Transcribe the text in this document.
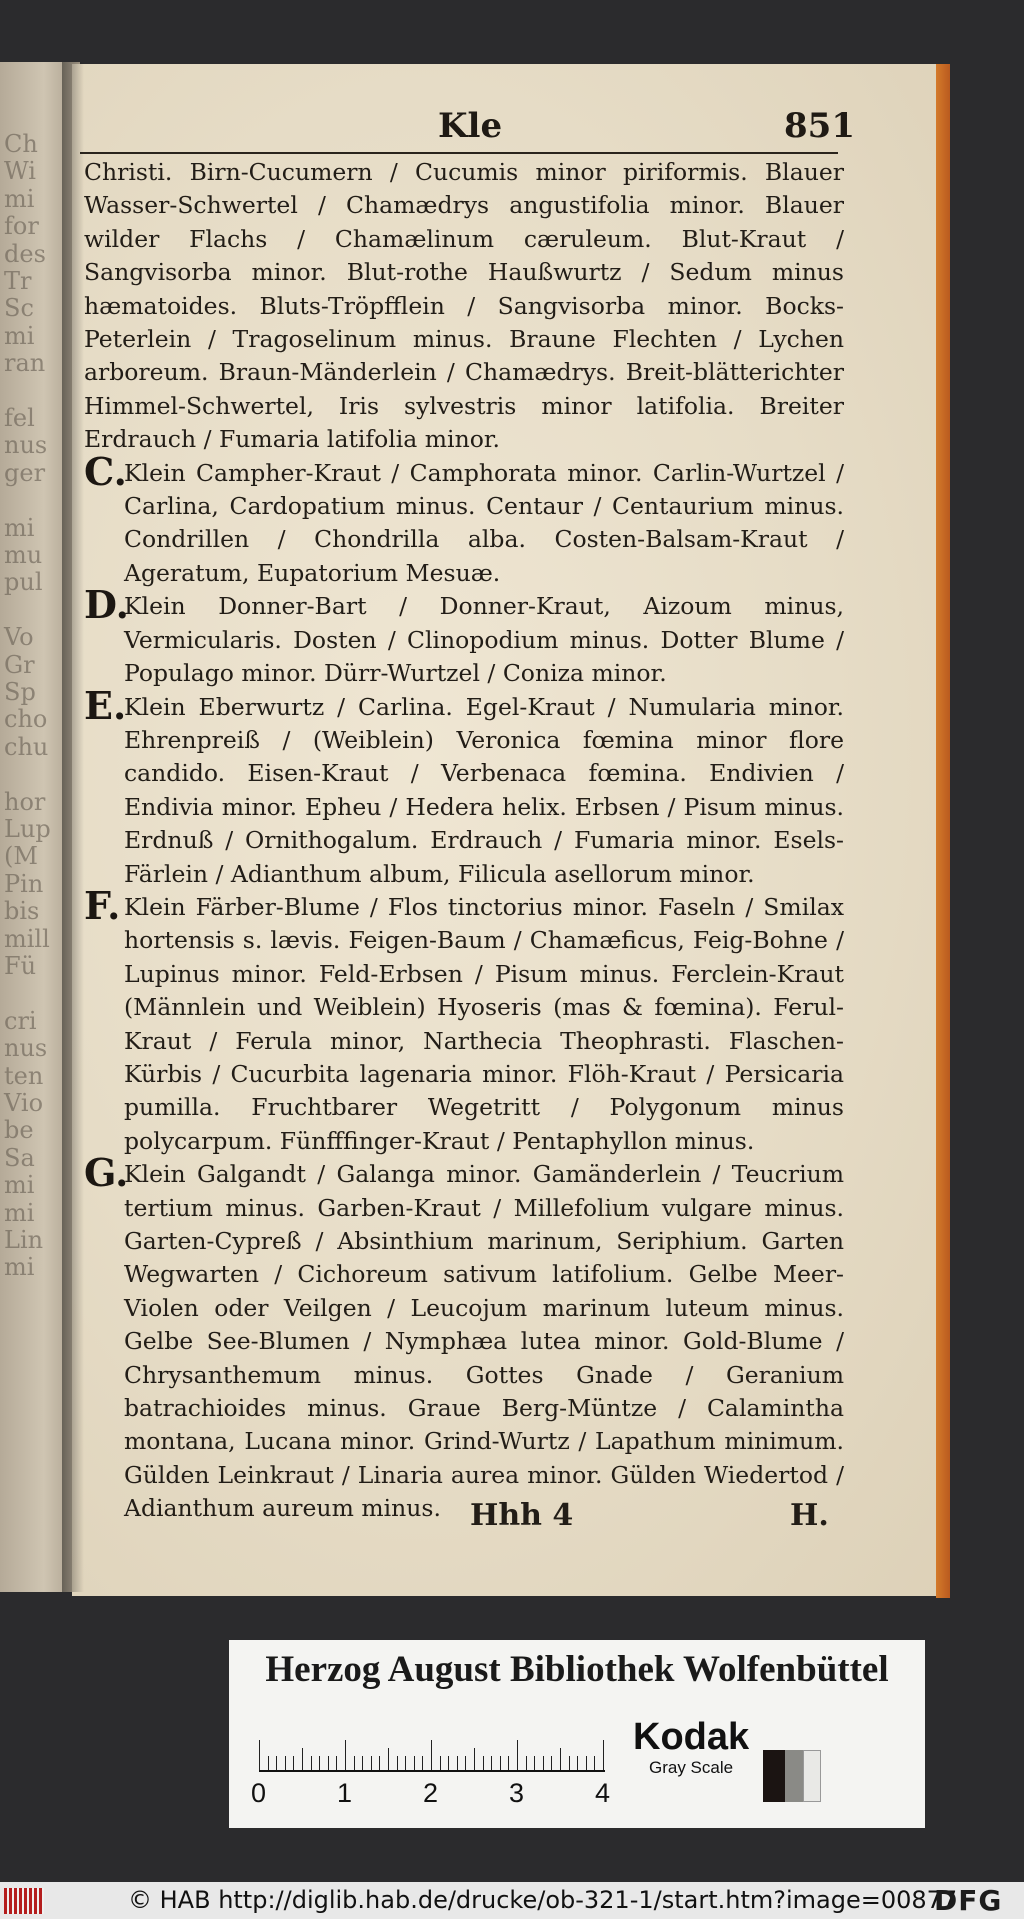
Ch
Wi
mi
for
des
Tr
Sc
mi
ran
fel
nus
ger
mi
mu
pul
Vo
Gr
Sp
cho
chu
hor
Lup
(M
Pin
bis
mill
Fü
cri
nus
ten
Vio
be
Sa
mi
mi
Lin
mi
Kle	851

Christi. Birn-Cucumern / Cucumis minor piriformis. Blauer Wasser-Schwertel / Chamædrys angustifolia minor. Blauer wilder Flachs / Chamælinum cæruleum. Blut-Kraut / Sangvisorba minor. Blut-rothe Haußwurtz / Sedum minus hæmatoides. Bluts-Tröpfflein / Sangvisorba minor. Bocks-Peterlein / Tragoselinum minus. Braune Flechten / Lychen arboreum. Braun-Mänderlein / Chamædrys. Breit-blätterichter Himmel-Schwertel, Iris sylvestris minor latifolia. Breiter Erdrauch / Fumaria latifolia minor.

C.

Klein Campher-Kraut / Camphorata minor. Carlin-Wurtzel / Carlina, Cardopatium minus. Centaur / Centaurium minus. Condrillen / Chondrilla alba. Costen-Balsam-Kraut / Ageratum, Eupatorium Mesuæ.

D.

Klein Donner-Bart / Donner-Kraut, Aizoum minus, Vermicularis. Dosten / Clinopodium minus. Dotter Blume / Populago minor. Dürr-Wurtzel / Coniza minor.

E.

Klein Eberwurtz / Carlina. Egel-Kraut / Numularia minor. Ehrenpreiß / (Weiblein) Veronica fœmina minor flore candido. Eisen-Kraut / Verbenaca fœmina. Endivien / Endivia minor. Epheu / Hedera helix. Erbsen / Pisum minus. Erdnuß / Ornithogalum. Erdrauch / Fumaria minor. Esels-Färlein / Adianthum album, Filicula asellorum minor.

F. Klein Färber-Blume / Flos tinctorius minor. Faseln / Smilax hortensis s. lævis. Feigen-Baum / Chamæficus, Feig-Bohne / Lupinus minor. Feld-Erbsen / Pisum minus. Ferclein-Kraut (Männlein und Weiblein) Hyoseris (mas & fœmina). Ferul-Kraut / Ferula minor, Narthecia Theophrasti. Flaschen-Kürbis / Cucurbita lagenaria minor. Flöh-Kraut / Persicaria pumilla. Fruchtbarer Wegetritt / Polygonum minus polycarpum. Fünfffinger-Kraut / Pentaphyllon minus.

G.

Klein Galgandt / Galanga minor. Gamänderlein / Teucrium tertium minus. Garben-Kraut / Millefolium vulgare minus. Garten-Cypreß / Absinthium marinum, Seriphium. Garten Wegwarten / Cichoreum sativum latifolium. Gelbe Meer-Violen oder Veilgen / Leucojum marinum luteum minus. Gelbe See-Blumen / Nymphæa lutea minor. Gold-Blume / Chrysanthemum minus. Gottes Gnade / Geranium batrachioides minus. Graue Berg-Müntze / Calamintha montana, Lucana minor. Grind-Wurtz / Lapathum minimum. Gülden Leinkraut / Linaria aurea minor. Gülden Wiedertod / Adianthum aureum minus. Hhh 4	H.
Herzog August Bibliothek Wolfenbüttel
0	1	2	3	4
Kodak
Gray Scale
© HAB http://diglib.hab.de/drucke/ob-321-1/start.htm?image=00877
DFG
